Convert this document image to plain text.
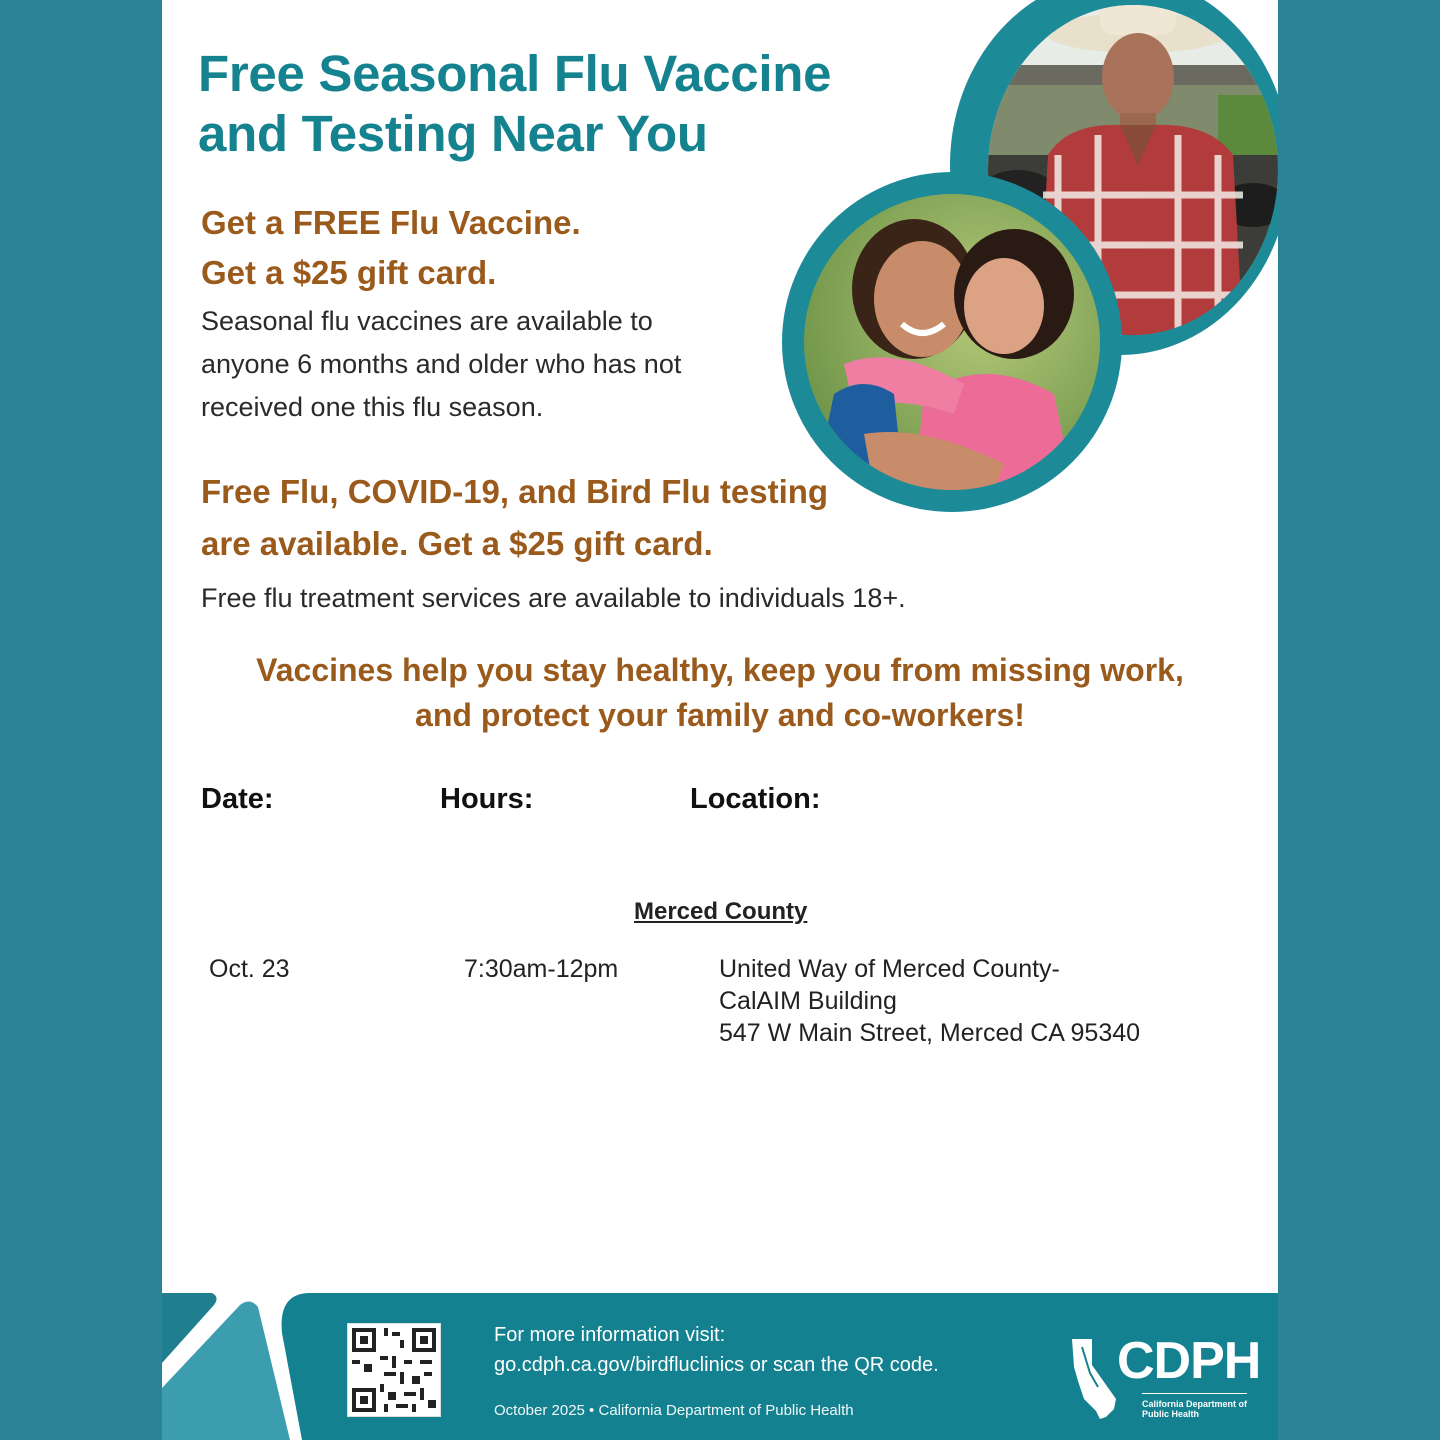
Free Seasonal Flu Vaccine
and Testing Near You
Get a FREE Flu Vaccine.
Get a $25 gift card.
Seasonal flu vaccines are available to
anyone 6 months and older who has not
received one this flu season.
Free Flu, COVID-19, and Bird Flu testing
are available. Get a $25 gift card.
Free flu treatment services are available to individuals 18+.
Vaccines help you stay healthy, keep you from missing work,
and protect your family and co-workers!
Date:	Hours:	Location:
Merced County
Oct. 23	7:30am-12pm	United Way of Merced County-
CalAIM Building
547 W Main Street, Merced CA 95340
For more information visit:
go.cdph.ca.gov/birdfluclinics or scan the QR code.
October 2025 • California Department of Public Health
CDPH
California Department of
Public Health
